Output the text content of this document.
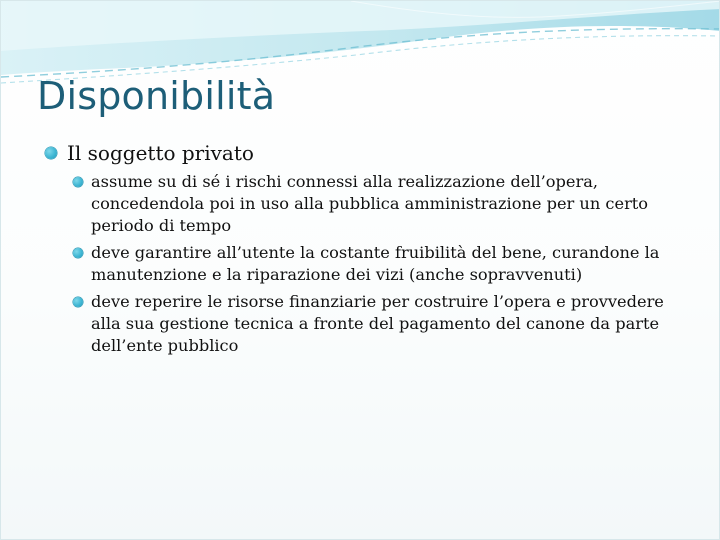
Disponibilità

Il soggetto privato

assume su di sé i rischi connessi alla realizzazione dell’opera, concedendola poi in uso alla pubblica amministrazione per un certo periodo di tempo
deve garantire all’utente la costante fruibilità del bene, curandone la manutenzione e la riparazione dei vizi (anche sopravvenuti)
deve reperire le risorse finanziarie per costruire l’opera e provvedere alla sua gestione tecnica a fronte del pagamento del canone da parte dell’ente pubblico
